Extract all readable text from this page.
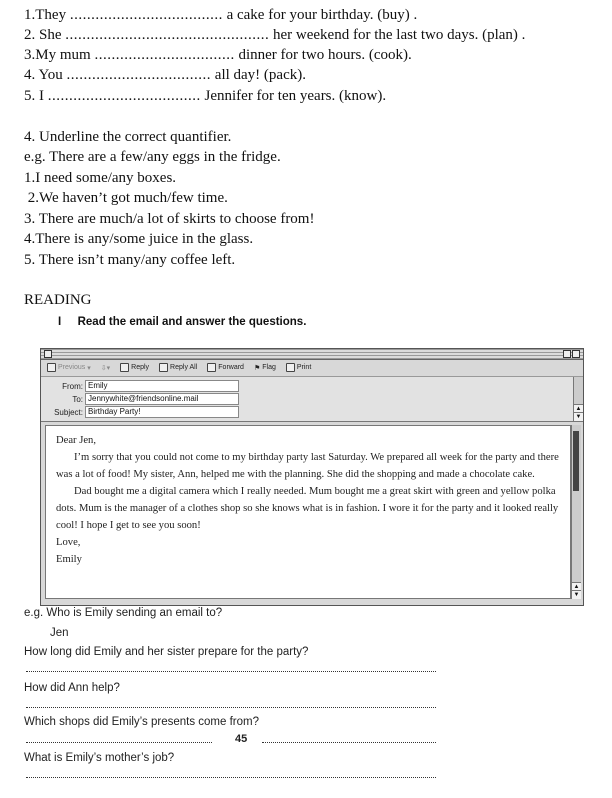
1.They .................................... a cake for your birthday. (buy) .
2. She ................................................ her weekend for the last two days. (plan) .
3.My mum ................................. dinner for two hours. (cook).
4. You .................................. all day! (pack).
5. I .................................... Jennifer for ten years. (know).
4. Underline the correct quantifier.
e.g. There are a few/any eggs in the fridge.
1.I need some/any boxes.
2.We haven’t got much/few time.
3. There are much/a lot of skirts to choose from!
4.There is any/some juice in the glass.
5. There isn’t many/any coffee left.
READING
I Read the email and answer the questions.
Previous ▾ ⇩▾	Reply	Reply All	Forward ⚑ Flag	Print
From: Emily
To: Jennywhite@friendsonline.mail
Subject: Birthday Party!	▲
▼

Dear Jen,

I’m sorry that you could not come to my birthday party last Saturday. We prepared all week for the party and there was a lot of food! My sister, Ann, helped me with the planning. She did the shopping and made a chocolate cake.

Dad bought me a digital camera which I really needed. Mum bought me a great skirt with green and yellow polka dots. Mum is the manager of a clothes shop so she knows what is in fashion. I wore it for the party and it looked really cool! I hope I get to see you soon!

Love,

Emily

▲
▼
e.g. Who is Emily sending an email to?
Jen
How long did Emily and her sister prepare for the party?
How did Ann help?
Which shops did Emily’s presents come from?
45
What is Emily’s mother’s job?
